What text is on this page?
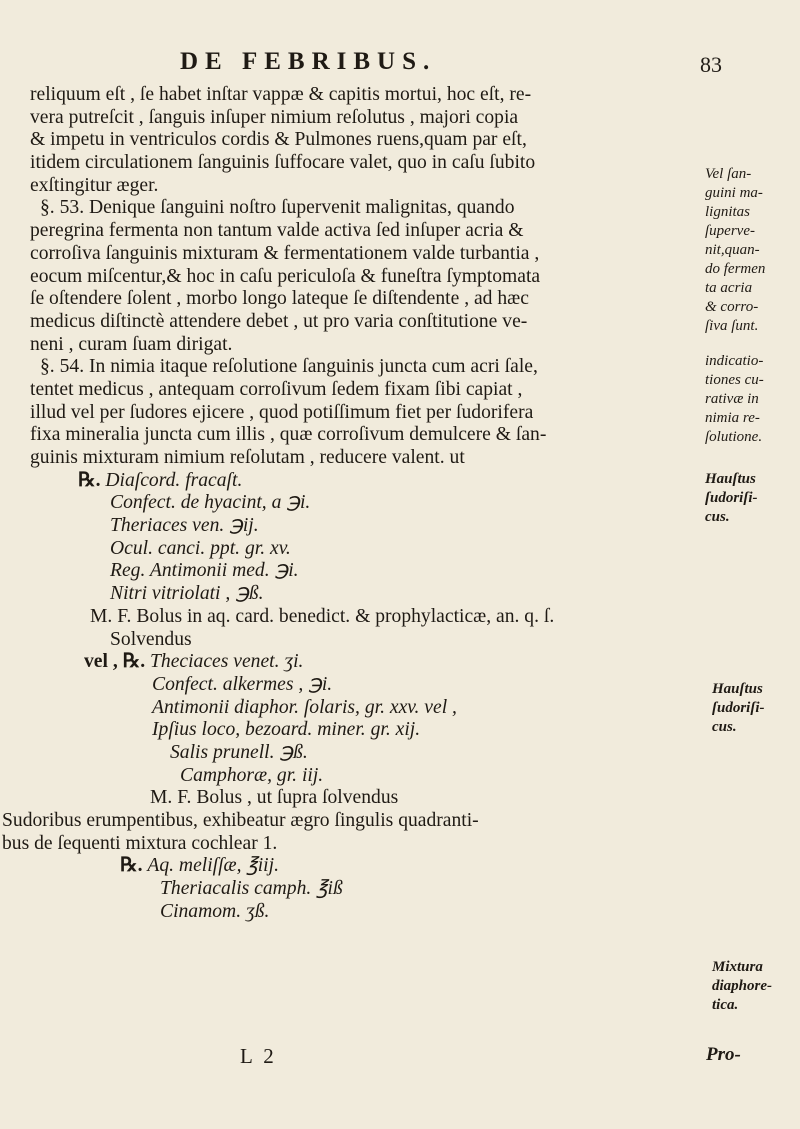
DE FEBRIBUS.	83
reliquum eſt , ſe habet inſtar vappæ & capitis mortui, hoc eſt, re-
vera putreſcit , ſanguis inſuper nimium reſolutus , majori copia
& impetu in ventriculos cordis & Pulmones ruens,quam par eſt,
itidem circulationem ſanguinis ſuffocare valet, quo in caſu ſubito
exſtingitur æger.
§. 53. Denique ſanguini noſtro ſupervenit malignitas, quando
peregrina fermenta non tantum valde activa ſed inſuper acria &
corroſiva ſanguinis mixturam & fermentationem valde turbantia ,
eocum miſcentur,& hoc in caſu periculoſa & funeſtra ſymptomata
ſe oſtendere ſolent , morbo longo lateque ſe diſtendente , ad hæc
medicus diſtinctè attendere debet , ut pro varia conſtitutione ve-
neni , curam ſuam dirigat.
§. 54. In nimia itaque reſolutione ſanguinis juncta cum acri ſale,
tentet medicus , antequam corroſivum ſedem fixam ſibi capiat ,
illud vel per ſudores ejicere , quod potiſſimum fiet per ſudorifera
fixa mineralia juncta cum illis , quæ corroſivum demulcere & ſan-
guinis mixturam nimium reſolutam , reducere valent. ut
℞. Diaſcord. fracaſt.
Confect. de hyacint, a ℈i.
Theriaces ven. ℈ij.
Ocul. canci. ppt. gr. xv.
Reg. Antimonii med. ℈i.
Nitri vitriolati , ℈ß.
M. F. Bolus in aq. card. benedict. & prophylacticæ, an. q. ſ.
Solvendus
vel , ℞. Theciaces venet. ʒi.
Confect. alkermes , ℈i.
Antimonii diaphor. ſolaris, gr. xxv. vel ,
Ipſius loco, bezoard. miner. gr. xij.
Salis prunell. ℈ß.
Camphoræ, gr. iij.
M. F. Bolus , ut ſupra ſolvendus
Sudoribus erumpentibus, exhibeatur ægro ſingulis quadranti-
bus de ſequenti mixtura cochlear 1.
℞. Aq. meliſſæ, ℥iij.
Theriacalis camph. ℥iß
Cinamom. ʒß.
Vel ſan-
guini ma-
lignitas
ſuperve-
nit,quan-
do fermen
ta acria
& corro-
ſiva ſunt.
indicatio-
tiones cu-
rativæ in
nimia re-
ſolutione.
Hauſtus
ſudoriſi-
cus.
Hauſtus
ſudoriſi-
cus.
Mixtura
diaphore-
tica.
L 2	Pro-
